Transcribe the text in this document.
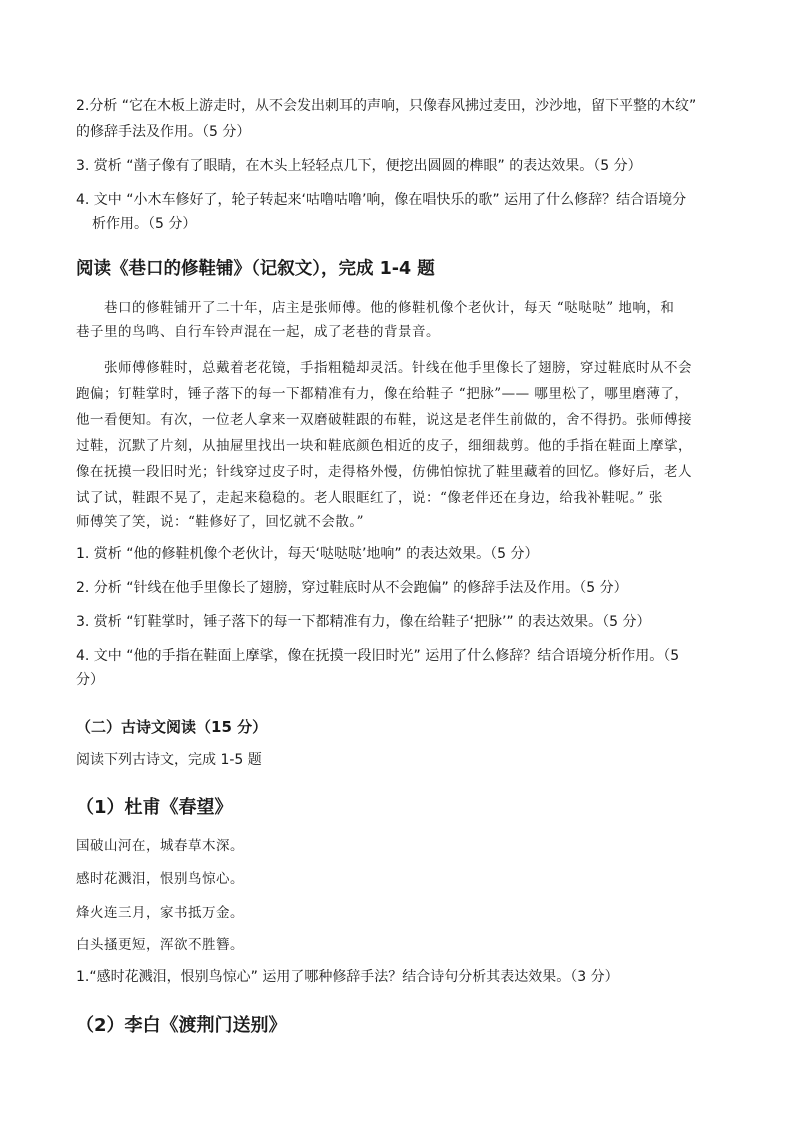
2.分析 “它在木板上游走时，从不会发出刺耳的声响，只像春风拂过麦田，沙沙地，留下平整的木纹”
的修辞手法及作用。（5 分）
3. 赏析 “凿子像有了眼睛，在木头上轻轻点几下，便挖出圆圆的榫眼” 的表达效果。（5 分）
4. 文中 “小木车修好了，轮子转起来‘咕噜咕噜’响，像在唱快乐的歌” 运用了什么修辞？结合语境分
析作用。（5 分）
阅读《巷口的修鞋铺》（记叙文），完成 1-4 题
巷口的修鞋铺开了二十年，店主是张师傅。他的修鞋机像个老伙计，每天 “哒哒哒” 地响，和
巷子里的鸟鸣、自行车铃声混在一起，成了老巷的背景音。
张师傅修鞋时，总戴着老花镜，手指粗糙却灵活。针线在他手里像长了翅膀，穿过鞋底时从不会
跑偏；钉鞋掌时，锤子落下的每一下都精准有力，像在给鞋子 “把脉”—— 哪里松了，哪里磨薄了，
他一看便知。有次，一位老人拿来一双磨破鞋跟的布鞋，说这是老伴生前做的，舍不得扔。张师傅接
过鞋，沉默了片刻，从抽屉里找出一块和鞋底颜色相近的皮子，细细裁剪。他的手指在鞋面上摩挲，
像在抚摸一段旧时光；针线穿过皮子时，走得格外慢，仿佛怕惊扰了鞋里藏着的回忆。修好后，老人
试了试，鞋跟不晃了，走起来稳稳的。老人眼眶红了，说：“像老伴还在身边，给我补鞋呢。” 张
师傅笑了笑，说：“鞋修好了，回忆就不会散。”
1. 赏析 “他的修鞋机像个老伙计，每天‘哒哒哒’地响” 的表达效果。（5 分）
2. 分析 “针线在他手里像长了翅膀，穿过鞋底时从不会跑偏” 的修辞手法及作用。（5 分）
3. 赏析 “钉鞋掌时，锤子落下的每一下都精准有力，像在给鞋子‘把脉’” 的表达效果。（5 分）
4. 文中 “他的手指在鞋面上摩挲，像在抚摸一段旧时光” 运用了什么修辞？结合语境分析作用。（5
分）
（二）古诗文阅读（15 分）
阅读下列古诗文，完成 1-5 题
（1）杜甫《春望》
国破山河在，城春草木深。
感时花溅泪，恨别鸟惊心。
烽火连三月，家书抵万金。
白头搔更短，浑欲不胜簪。
1.“感时花溅泪，恨别鸟惊心” 运用了哪种修辞手法？结合诗句分析其表达效果。（3 分）
（2）李白《渡荆门送别》
